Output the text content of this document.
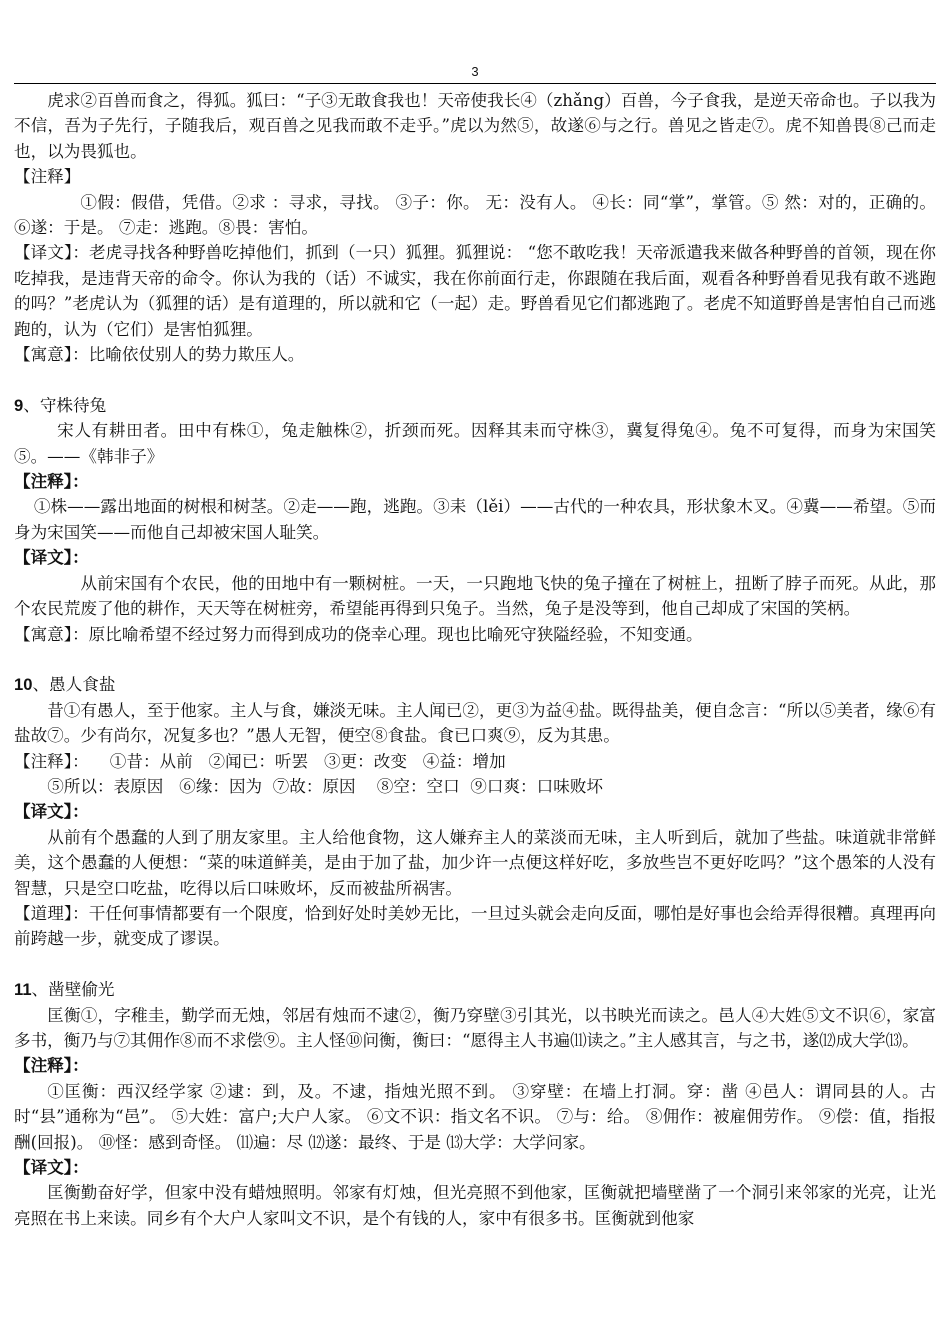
3

虎求②百兽而食之，得狐。狐曰：“子③无敢食我也！天帝使我长④（zhǎng）百兽，今子食我，是逆天帝命也。子以我为不信，吾为子先行，子随我后，观百兽之见我而敢不走乎。”虎以为然⑤，故遂⑥与之行。兽见之皆走⑦。虎不知兽畏⑧己而走也，以为畏狐也。

【注释】

①假：假借，凭借。②求 ：寻求，寻找。 ③子：你。 无：没有人。 ④长：同“掌”，掌管。⑤ 然：对的，正确的。 ⑥遂：于是。 ⑦走：逃跑。⑧畏：害怕。

【译文】：老虎寻找各种野兽吃掉他们，抓到（一只）狐狸。狐狸说： “您不敢吃我！天帝派遣我来做各种野兽的首领，现在你吃掉我，是违背天帝的命令。你认为我的（话）不诚实，我在你前面行走，你跟随在我后面，观看各种野兽看见我有敢不逃跑的吗？”老虎认为（狐狸的话）是有道理的，所以就和它（一起）走。野兽看见它们都逃跑了。老虎不知道野兽是害怕自己而逃跑的，认为（它们）是害怕狐狸。

【寓意】：比喻依仗别人的势力欺压人。

9、守株待兔

宋人有耕田者。田中有株①，兔走触株②，折颈而死。因释其耒而守株③，冀复得兔④。兔不可复得，而身为宋国笑⑤。——《韩非子》

【注释】：

①株——露出地面的树根和树茎。②走——跑，逃跑。③耒（lěi）——古代的一种农具，形状象木叉。④冀——希望。⑤而身为宋国笑——而他自己却被宋国人耻笑。

【译文】：

从前宋国有个农民，他的田地中有一颗树桩。一天，一只跑地飞快的兔子撞在了树桩上，扭断了脖子而死。从此，那个农民荒废了他的耕作，天天等在树桩旁，希望能再得到只兔子。当然，兔子是没等到，他自己却成了宋国的笑柄。

【寓意】：原比喻希望不经过努力而得到成功的侥幸心理。现也比喻死守狭隘经验，不知变通。

10、愚人食盐

昔①有愚人，至于他家。主人与食，嫌淡无味。主人闻已②，更③为益④盐。既得盐美，便自念言：“所以⑤美者，缘⑥有盐故⑦。少有尚尔，况复多也？”愚人无智，便空⑧食盐。食已口爽⑨，反为其患。

【注释】：    ①昔：从前   ②闻已：听罢   ③更：改变   ④益：增加

⑤所以：表原因   ⑥缘：因为  ⑦故：原因    ⑧空：空口  ⑨口爽：口味败坏

【译文】：

从前有个愚蠢的人到了朋友家里。主人给他食物，这人嫌弃主人的菜淡而无味，主人听到后，就加了些盐。味道就非常鲜美，这个愚蠢的人便想：“菜的味道鲜美，是由于加了盐，加少许一点便这样好吃，多放些岂不更好吃吗？”这个愚笨的人没有智慧，只是空口吃盐，吃得以后口味败坏，反而被盐所祸害。

【道理】：干任何事情都要有一个限度，恰到好处时美妙无比，一旦过头就会走向反面，哪怕是好事也会给弄得很糟。真理再向前跨越一步，就变成了谬误。

11、凿壁偷光

匡衡①，字稚圭，勤学而无烛，邻居有烛而不逮②，衡乃穿壁③引其光，以书映光而读之。邑人④大姓⑤文不识⑥，家富多书，衡乃与⑦其佣作⑧而不求偿⑨。主人怪⑩问衡，衡曰：“愿得主人书遍⑾读之。”主人感其言，与之书，遂⑿成大学⒀。

【注释】：

①匡衡：西汉经学家 ②逮：到，及。不逮，指烛光照不到。 ③穿壁：在墙上打洞。穿：凿 ④邑人：谓同县的人。古时“县”通称为“邑”。 ⑤大姓：富户;大户人家。 ⑥文不识：指文名不识。 ⑦与：给。 ⑧佣作：被雇佣劳作。 ⑨偿：值，指报酬(回报)。 ⑩怪：感到奇怪。 ⑾遍：尽 ⑿遂：最终、于是 ⒀大学：大学问家。

【译文】：

匡衡勤奋好学，但家中没有蜡烛照明。邻家有灯烛，但光亮照不到他家，匡衡就把墙壁凿了一个洞引来邻家的光亮，让光亮照在书上来读。同乡有个大户人家叫文不识，是个有钱的人，家中有很多书。匡衡就到他家
